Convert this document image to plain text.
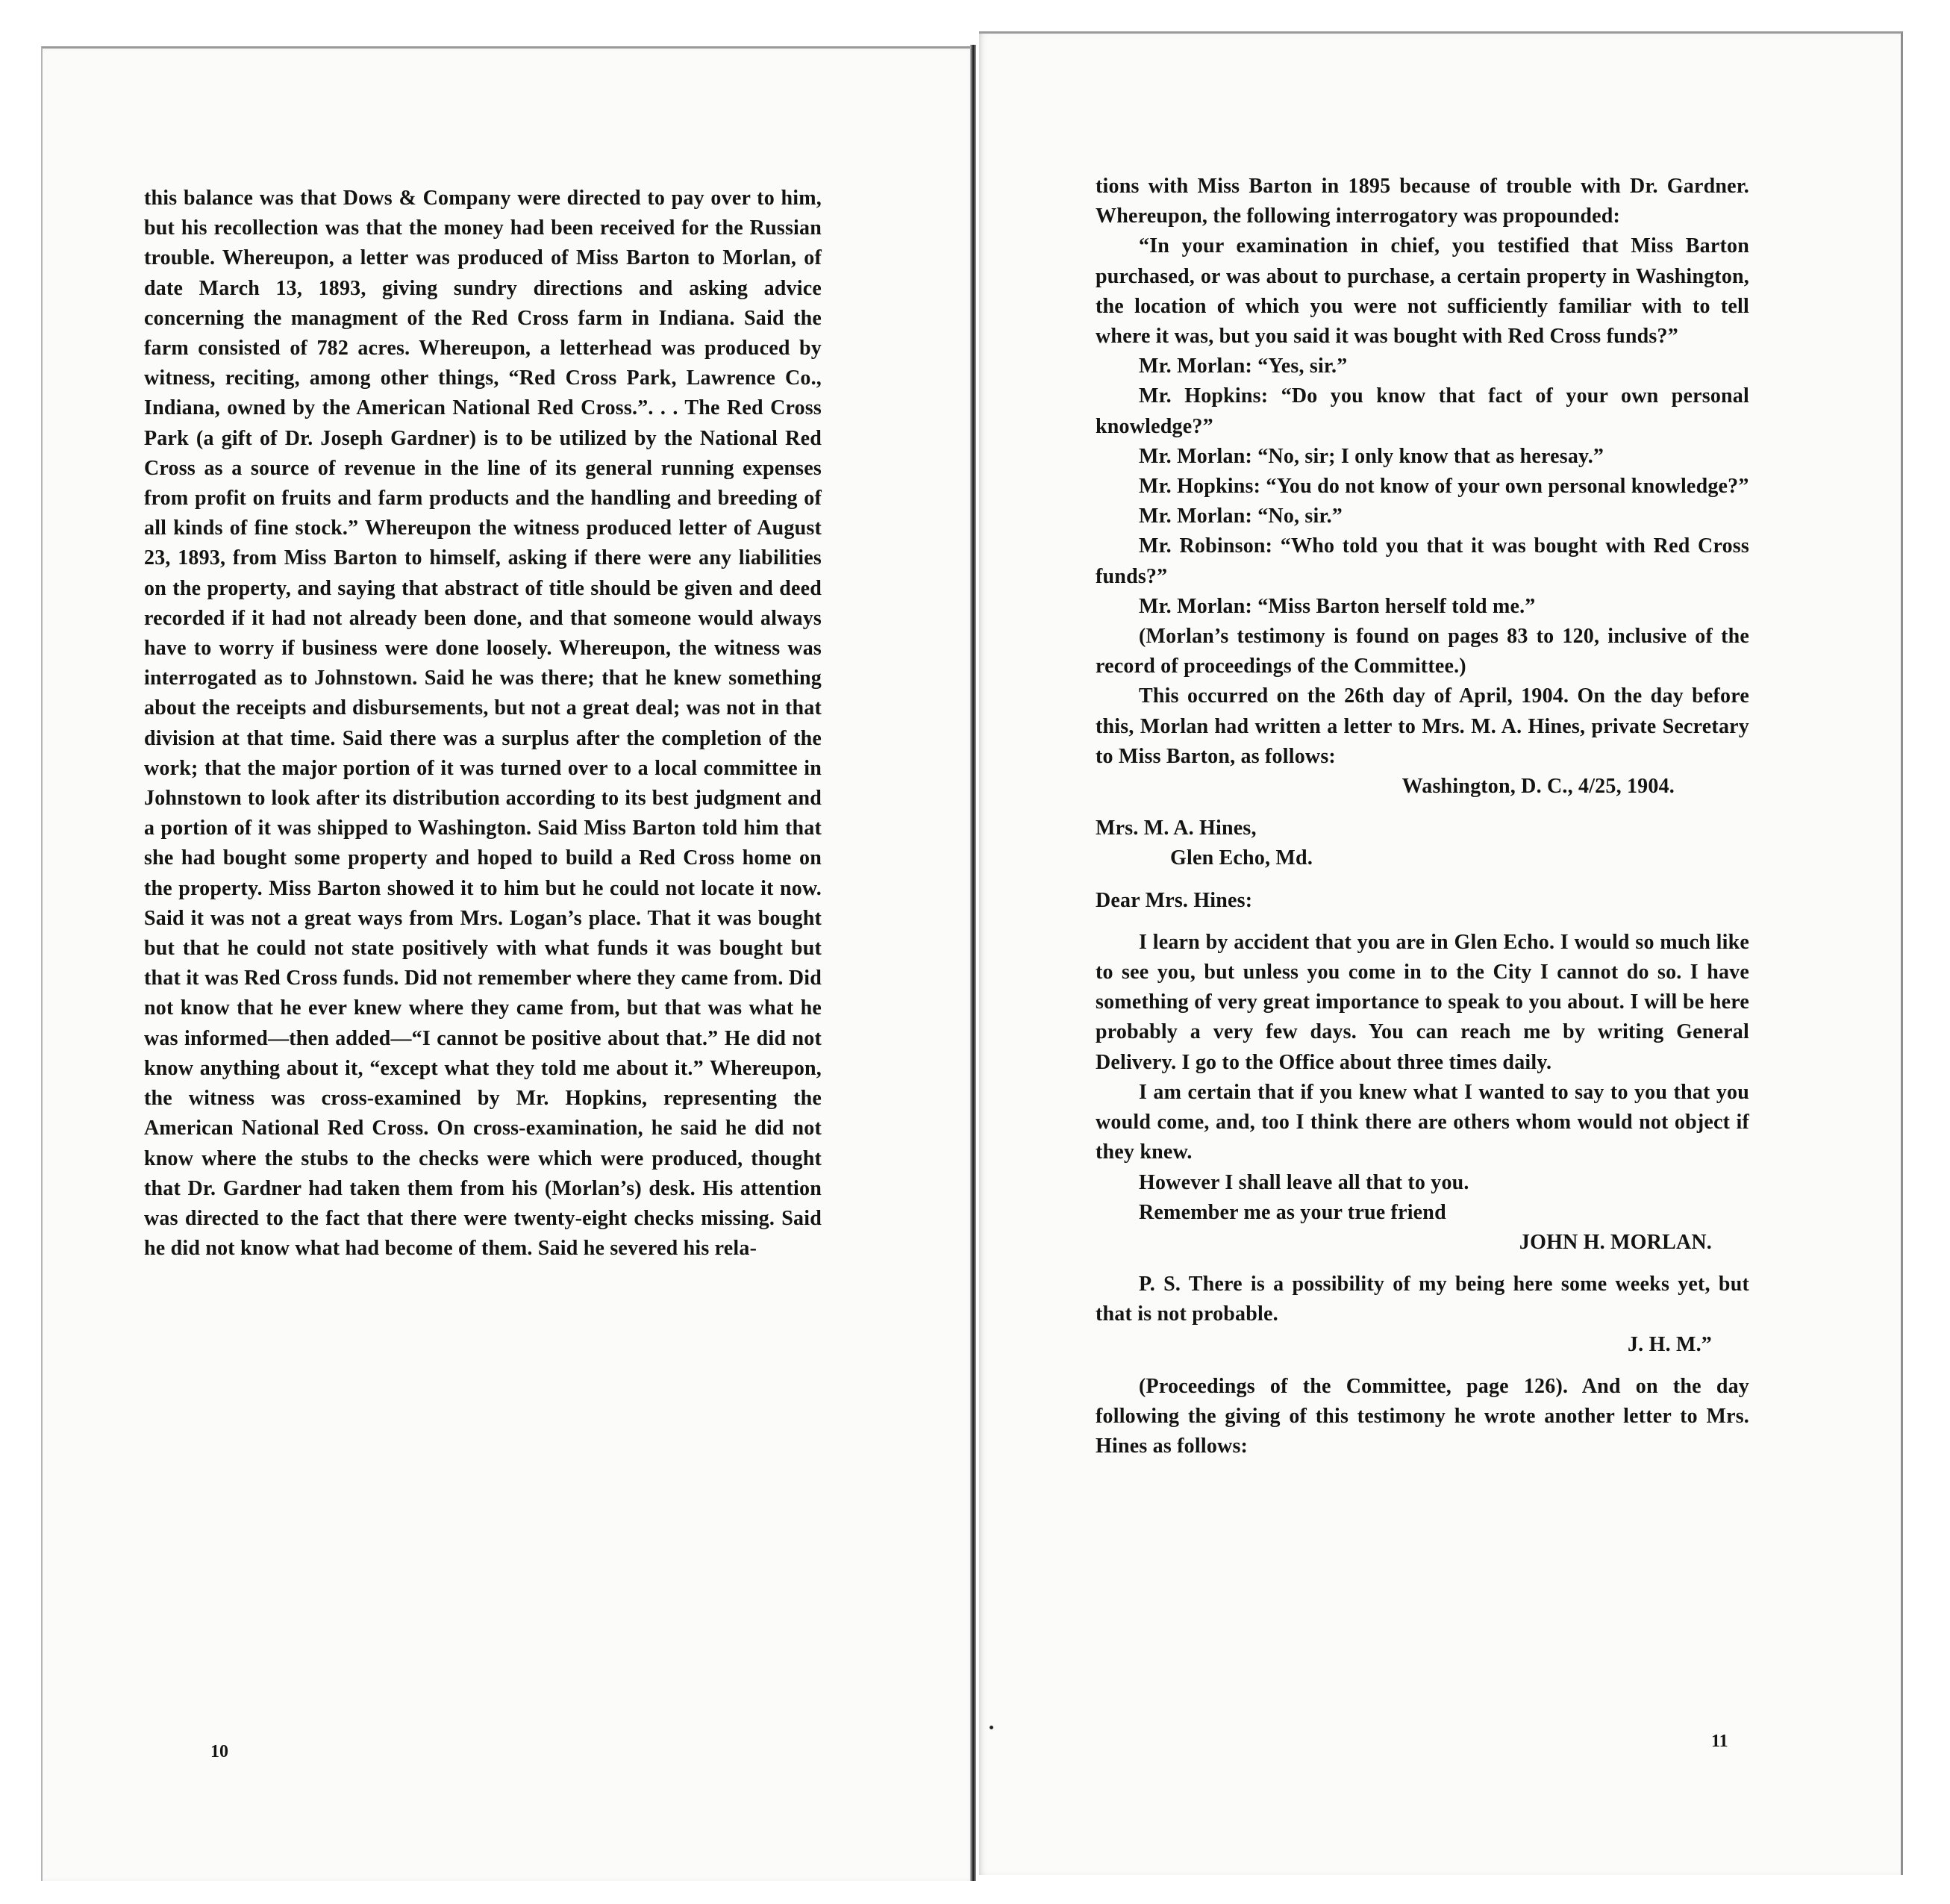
this balance was that Dows & Company were directed to pay over to him, but his recollection was that the money had been received for the Russian trouble. Whereupon, a letter was produced of Miss Barton to Morlan, of date March 13, 1893, giving sundry directions and asking advice concerning the managment of the Red Cross farm in Indiana. Said the farm consisted of 782 acres. Whereupon, a letterhead was produced by witness, reciting, among other things, “Red Cross Park, Lawrence Co., Indiana, owned by the American National Red Cross.”. . . The Red Cross Park (a gift of Dr. Joseph Gardner) is to be utilized by the National Red Cross as a source of revenue in the line of its general running expenses from profit on fruits and farm products and the handling and breeding of all kinds of fine stock.” Whereupon the witness produced letter of August 23, 1893, from Miss Barton to himself, asking if there were any liabilities on the property, and saying that abstract of title should be given and deed recorded if it had not already been done, and that someone would always have to worry if business were done loosely. Whereupon, the witness was interrogated as to Johnstown. Said he was there; that he knew something about the receipts and disbursements, but not a great deal; was not in that division at that time. Said there was a surplus after the completion of the work; that the major portion of it was turned over to a local committee in Johnstown to look after its distribution according to its best judgment and a portion of it was shipped to Washington. Said Miss Barton told him that she had bought some property and hoped to build a Red Cross home on the property. Miss Barton showed it to him but he could not locate it now. Said it was not a great ways from Mrs. Logan’s place. That it was bought but that he could not state positively with what funds it was bought but that it was Red Cross funds. Did not remember where they came from. Did not know that he ever knew where they came from, but that was what he was informed—then added—“I cannot be positive about that.” He did not know anything about it, “except what they told me about it.” Whereupon, the witness was cross-examined by Mr. Hopkins, representing the American National Red Cross. On cross-examination, he said he did not know where the stubs to the checks were which were produced, thought that Dr. Gardner had taken them from his (Morlan’s) desk. His attention was directed to the fact that there were twenty-eight checks missing. Said he did not know what had become of them. Said he severed his rela-

10

tions with Miss Barton in 1895 because of trouble with Dr. Gardner. Whereupon, the following interrogatory was propounded:

“In your examination in chief, you testified that Miss Barton purchased, or was about to purchase, a certain property in Washington, the location of which you were not sufficiently familiar with to tell where it was, but you said it was bought with Red Cross funds?”

Mr. Morlan: “Yes, sir.”

Mr. Hopkins: “Do you know that fact of your own personal knowledge?”

Mr. Morlan: “No, sir; I only know that as heresay.”

Mr. Hopkins: “You do not know of your own personal knowledge?”

Mr. Morlan: “No, sir.”

Mr. Robinson: “Who told you that it was bought with Red Cross funds?”

Mr. Morlan: “Miss Barton herself told me.”

(Morlan’s testimony is found on pages 83 to 120, inclusive of the record of proceedings of the Committee.)

This occurred on the 26th day of April, 1904. On the day before this, Morlan had written a letter to Mrs. M. A. Hines, private Secretary to Miss Barton, as follows:

Washington, D. C., 4/25, 1904.

Mrs. M. A. Hines,

Glen Echo, Md.

Dear Mrs. Hines:

I learn by accident that you are in Glen Echo. I would so much like to see you, but unless you come in to the City I cannot do so. I have something of very great importance to speak to you about. I will be here probably a very few days. You can reach me by writing General Delivery. I go to the Office about three times daily.

I am certain that if you knew what I wanted to say to you that you would come, and, too I think there are others whom would not object if they knew.

However I shall leave all that to you.

Remember me as your true friend

JOHN H. MORLAN.

P. S. There is a possibility of my being here some weeks yet, but that is not probable.

J. H. M.”

(Proceedings of the Committee, page 126). And on the day following the giving of this testimony he wrote another letter to Mrs. Hines as follows:

11
